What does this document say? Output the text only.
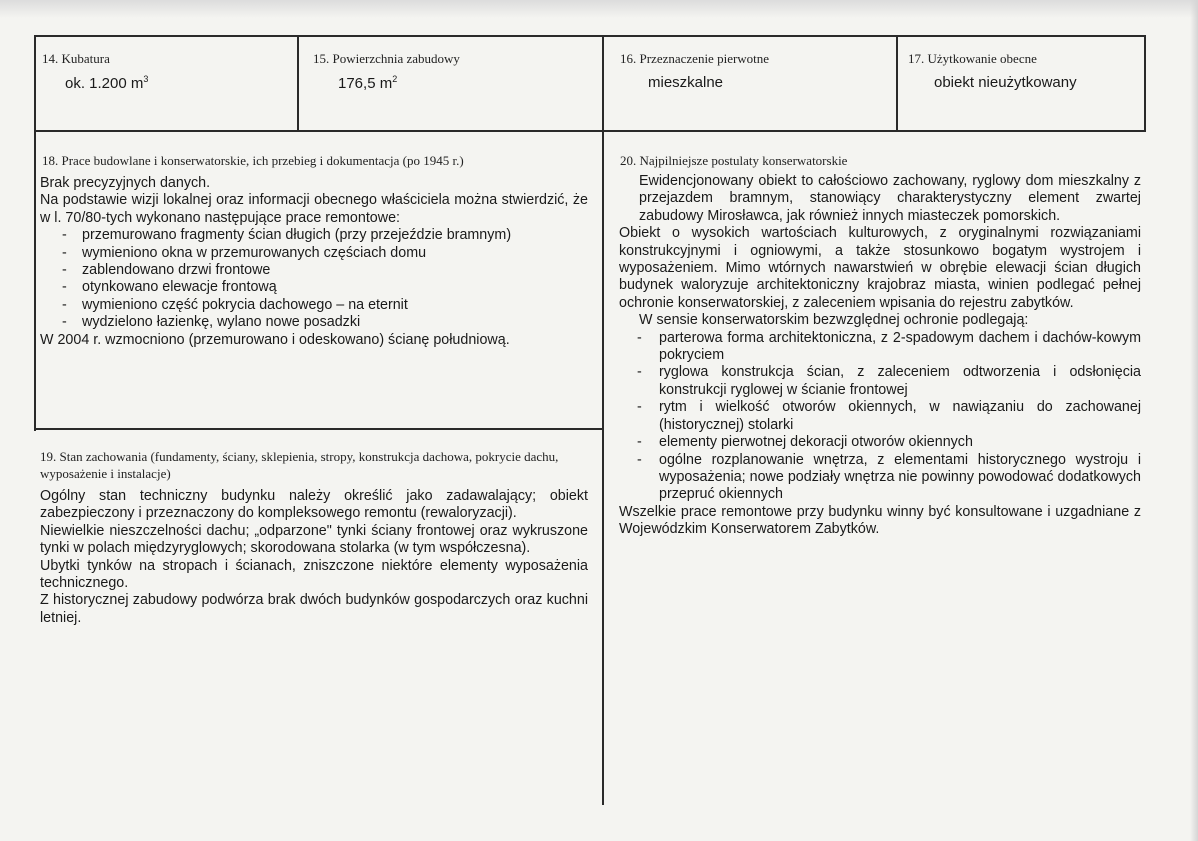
14. Kubatura
ok. 1.200 $m^3$
15. Powierzchnia zabudowy
176,5 $m^2$
16. Przeznaczenie pierwotne
mieszkalne
17. Użytkowanie obecne
obiekt nieużytkowany
18. Prace budowlane i konserwatorskie, ich przebieg i dokumentacja (po 1945 r.)

Brak precyzyjnych danych.

Na podstawie wizji lokalnej oraz informacji obecnego właściciela można stwierdzić, że w l. 70/80-tych wykonano następujące prace remontowe:

- przemurowano fragmenty ścian długich (przy przejeździe bramnym)
- wymieniono okna w przemurowanych częściach domu
- zablendowano drzwi frontowe
- otynkowano elewacje frontową
- wymieniono część pokrycia dachowego – na eternit
- wydzielono łazienkę, wylano nowe posadzki

W 2004 r. wzmocniono (przemurowano i odeskowano) ścianę południową.

19. Stan zachowania (fundamenty, ściany, sklepienia, stropy, konstrukcja dachowa, pokrycie dachu, wyposażenie i instalacje)

Ogólny stan techniczny budynku należy określić jako zadawalający; obiekt zabezpieczony i przeznaczony do kompleksowego remontu (rewaloryzacji).

Niewielkie nieszczelności dachu; „odparzone" tynki ściany frontowej oraz wykruszone tynki w polach międzyryglowych; skorodowana stolarka (w tym współczesna).

Ubytki tynków na stropach i ścianach, zniszczone niektóre elementy wyposażenia technicznego.

Z historycznej zabudowy podwórza brak dwóch budynków gospodarczych oraz kuchni letniej.

20. Najpilniejsze postulaty konserwatorskie

Ewidencjonowany obiekt to całościowo zachowany, ryglowy dom mieszkalny z przejazdem bramnym, stanowiący charakterystyczny element zwartej zabudowy Mirosławca, jak również innych miasteczek pomorskich.

Obiekt o wysokich wartościach kulturowych, z oryginalnymi rozwiązaniami konstrukcyjnymi i ogniowymi, a także stosunkowo bogatym wystrojem i wyposażeniem. Mimo wtórnych nawarstwień w obrębie elewacji ścian długich budynek waloryzuje architektoniczny krajobraz miasta, winien podlegać pełnej ochronie konserwatorskiej, z zaleceniem wpisania do rejestru zabytków.

W sensie konserwatorskim bezwzględnej ochronie podlegają:

- parterowa forma architektoniczna, z 2-spadowym dachem i dachów-kowym pokryciem
- ryglowa konstrukcja ścian, z zaleceniem odtworzenia i odsłonięcia konstrukcji ryglowej w ścianie frontowej
- rytm i wielkość otworów okiennych, w nawiązaniu do zachowanej (historycznej) stolarki
- elementy pierwotnej dekoracji otworów okiennych
- ogólne rozplanowanie wnętrza, z elementami historycznego wystroju i wyposażenia; nowe podziały wnętrza nie powinny powodować dodatkowych przepruć okiennych

Wszelkie prace remontowe przy budynku winny być konsultowane i uzgadniane z Wojewódzkim Konserwatorem Zabytków.
